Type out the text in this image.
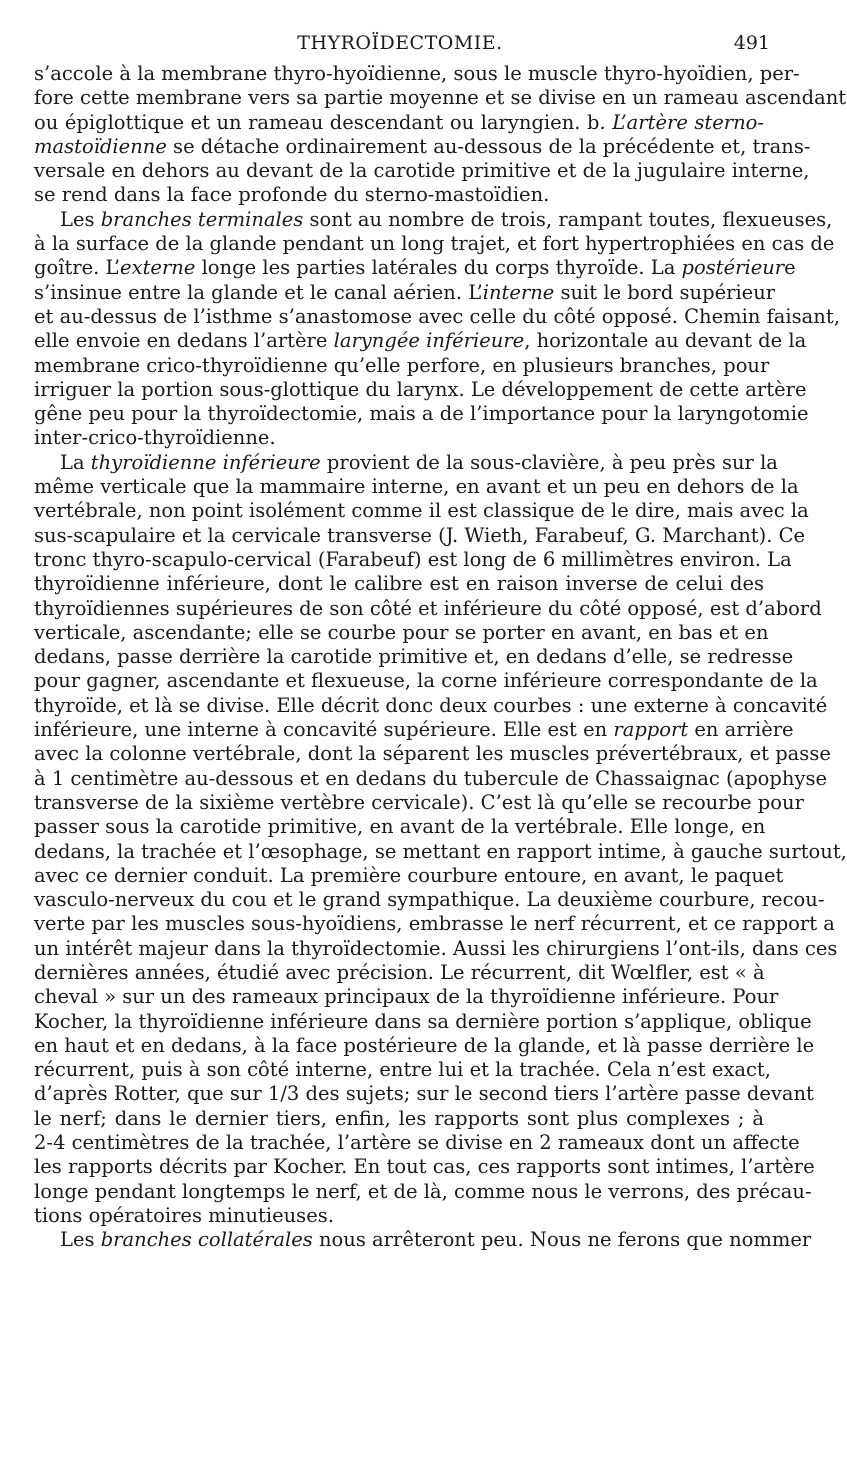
THYROÏDECTOMIE.	491
s’accole à la membrane thyro-hyoïdienne, sous le muscle thyro-hyoïdien, per-
fore cette membrane vers sa partie moyenne et se divise en un rameau ascendant
ou épiglottique et un rameau descendant ou laryngien. b. L’artère sterno-
mastoïdienne se détache ordinairement au-dessous de la précédente et, trans-
versale en dehors au devant de la carotide primitive et de la jugulaire interne,
se rend dans la face profonde du sterno-mastoïdien.
Les branches terminales sont au nombre de trois, rampant toutes, flexueuses,
à la surface de la glande pendant un long trajet, et fort hypertrophiées en cas de
goître. L’externe longe les parties latérales du corps thyroïde. La postérieure
s’insinue entre la glande et le canal aérien. L’interne suit le bord supérieur
et au-dessus de l’isthme s’anastomose avec celle du côté opposé. Chemin faisant,
elle envoie en dedans l’artère laryngée inférieure, horizontale au devant de la
membrane crico-thyroïdienne qu’elle perfore, en plusieurs branches, pour
irriguer la portion sous-glottique du larynx. Le développement de cette artère
gêne peu pour la thyroïdectomie, mais a de l’importance pour la laryngotomie
inter-crico-thyroïdienne.
La thyroïdienne inférieure provient de la sous-clavière, à peu près sur la
même verticale que la mammaire interne, en avant et un peu en dehors de la
vertébrale, non point isolément comme il est classique de le dire, mais avec la
sus-scapulaire et la cervicale transverse (J. Wieth, Farabeuf, G. Marchant). Ce
tronc thyro-scapulo-cervical (Farabeuf) est long de 6 millimètres environ. La
thyroïdienne inférieure, dont le calibre est en raison inverse de celui des
thyroïdiennes supérieures de son côté et inférieure du côté opposé, est d’abord
verticale, ascendante; elle se courbe pour se porter en avant, en bas et en
dedans, passe derrière la carotide primitive et, en dedans d’elle, se redresse
pour gagner, ascendante et flexueuse, la corne inférieure correspondante de la
thyroïde, et là se divise. Elle décrit donc deux courbes : une externe à concavité
inférieure, une interne à concavité supérieure. Elle est en rapport en arrière
avec la colonne vertébrale, dont la séparent les muscles prévertébraux, et passe
à 1 centimètre au-dessous et en dedans du tubercule de Chassaignac (apophyse
transverse de la sixième vertèbre cervicale). C’est là qu’elle se recourbe pour
passer sous la carotide primitive, en avant de la vertébrale. Elle longe, en
dedans, la trachée et l’œsophage, se mettant en rapport intime, à gauche surtout,
avec ce dernier conduit. La première courbure entoure, en avant, le paquet
vasculo-nerveux du cou et le grand sympathique. La deuxième courbure, recou-
verte par les muscles sous-hyoïdiens, embrasse le nerf récurrent, et ce rapport a
un intérêt majeur dans la thyroïdectomie. Aussi les chirurgiens l’ont-ils, dans ces
dernières années, étudié avec précision. Le récurrent, dit Wœlfler, est « à
cheval » sur un des rameaux principaux de la thyroïdienne inférieure. Pour
Kocher, la thyroïdienne inférieure dans sa dernière portion s’applique, oblique
en haut et en dedans, à la face postérieure de la glande, et là passe derrière le
récurrent, puis à son côté interne, entre lui et la trachée. Cela n’est exact,
d’après Rotter, que sur 1/3 des sujets; sur le second tiers l’artère passe devant
le nerf; dans le dernier tiers, enfin, les rapports sont plus complexes ; à
2-4 centimètres de la trachée, l’artère se divise en 2 rameaux dont un affecte
les rapports décrits par Kocher. En tout cas, ces rapports sont intimes, l’artère
longe pendant longtemps le nerf, et de là, comme nous le verrons, des précau-
tions opératoires minutieuses.
Les branches collatérales nous arrêteront peu. Nous ne ferons que nommer
